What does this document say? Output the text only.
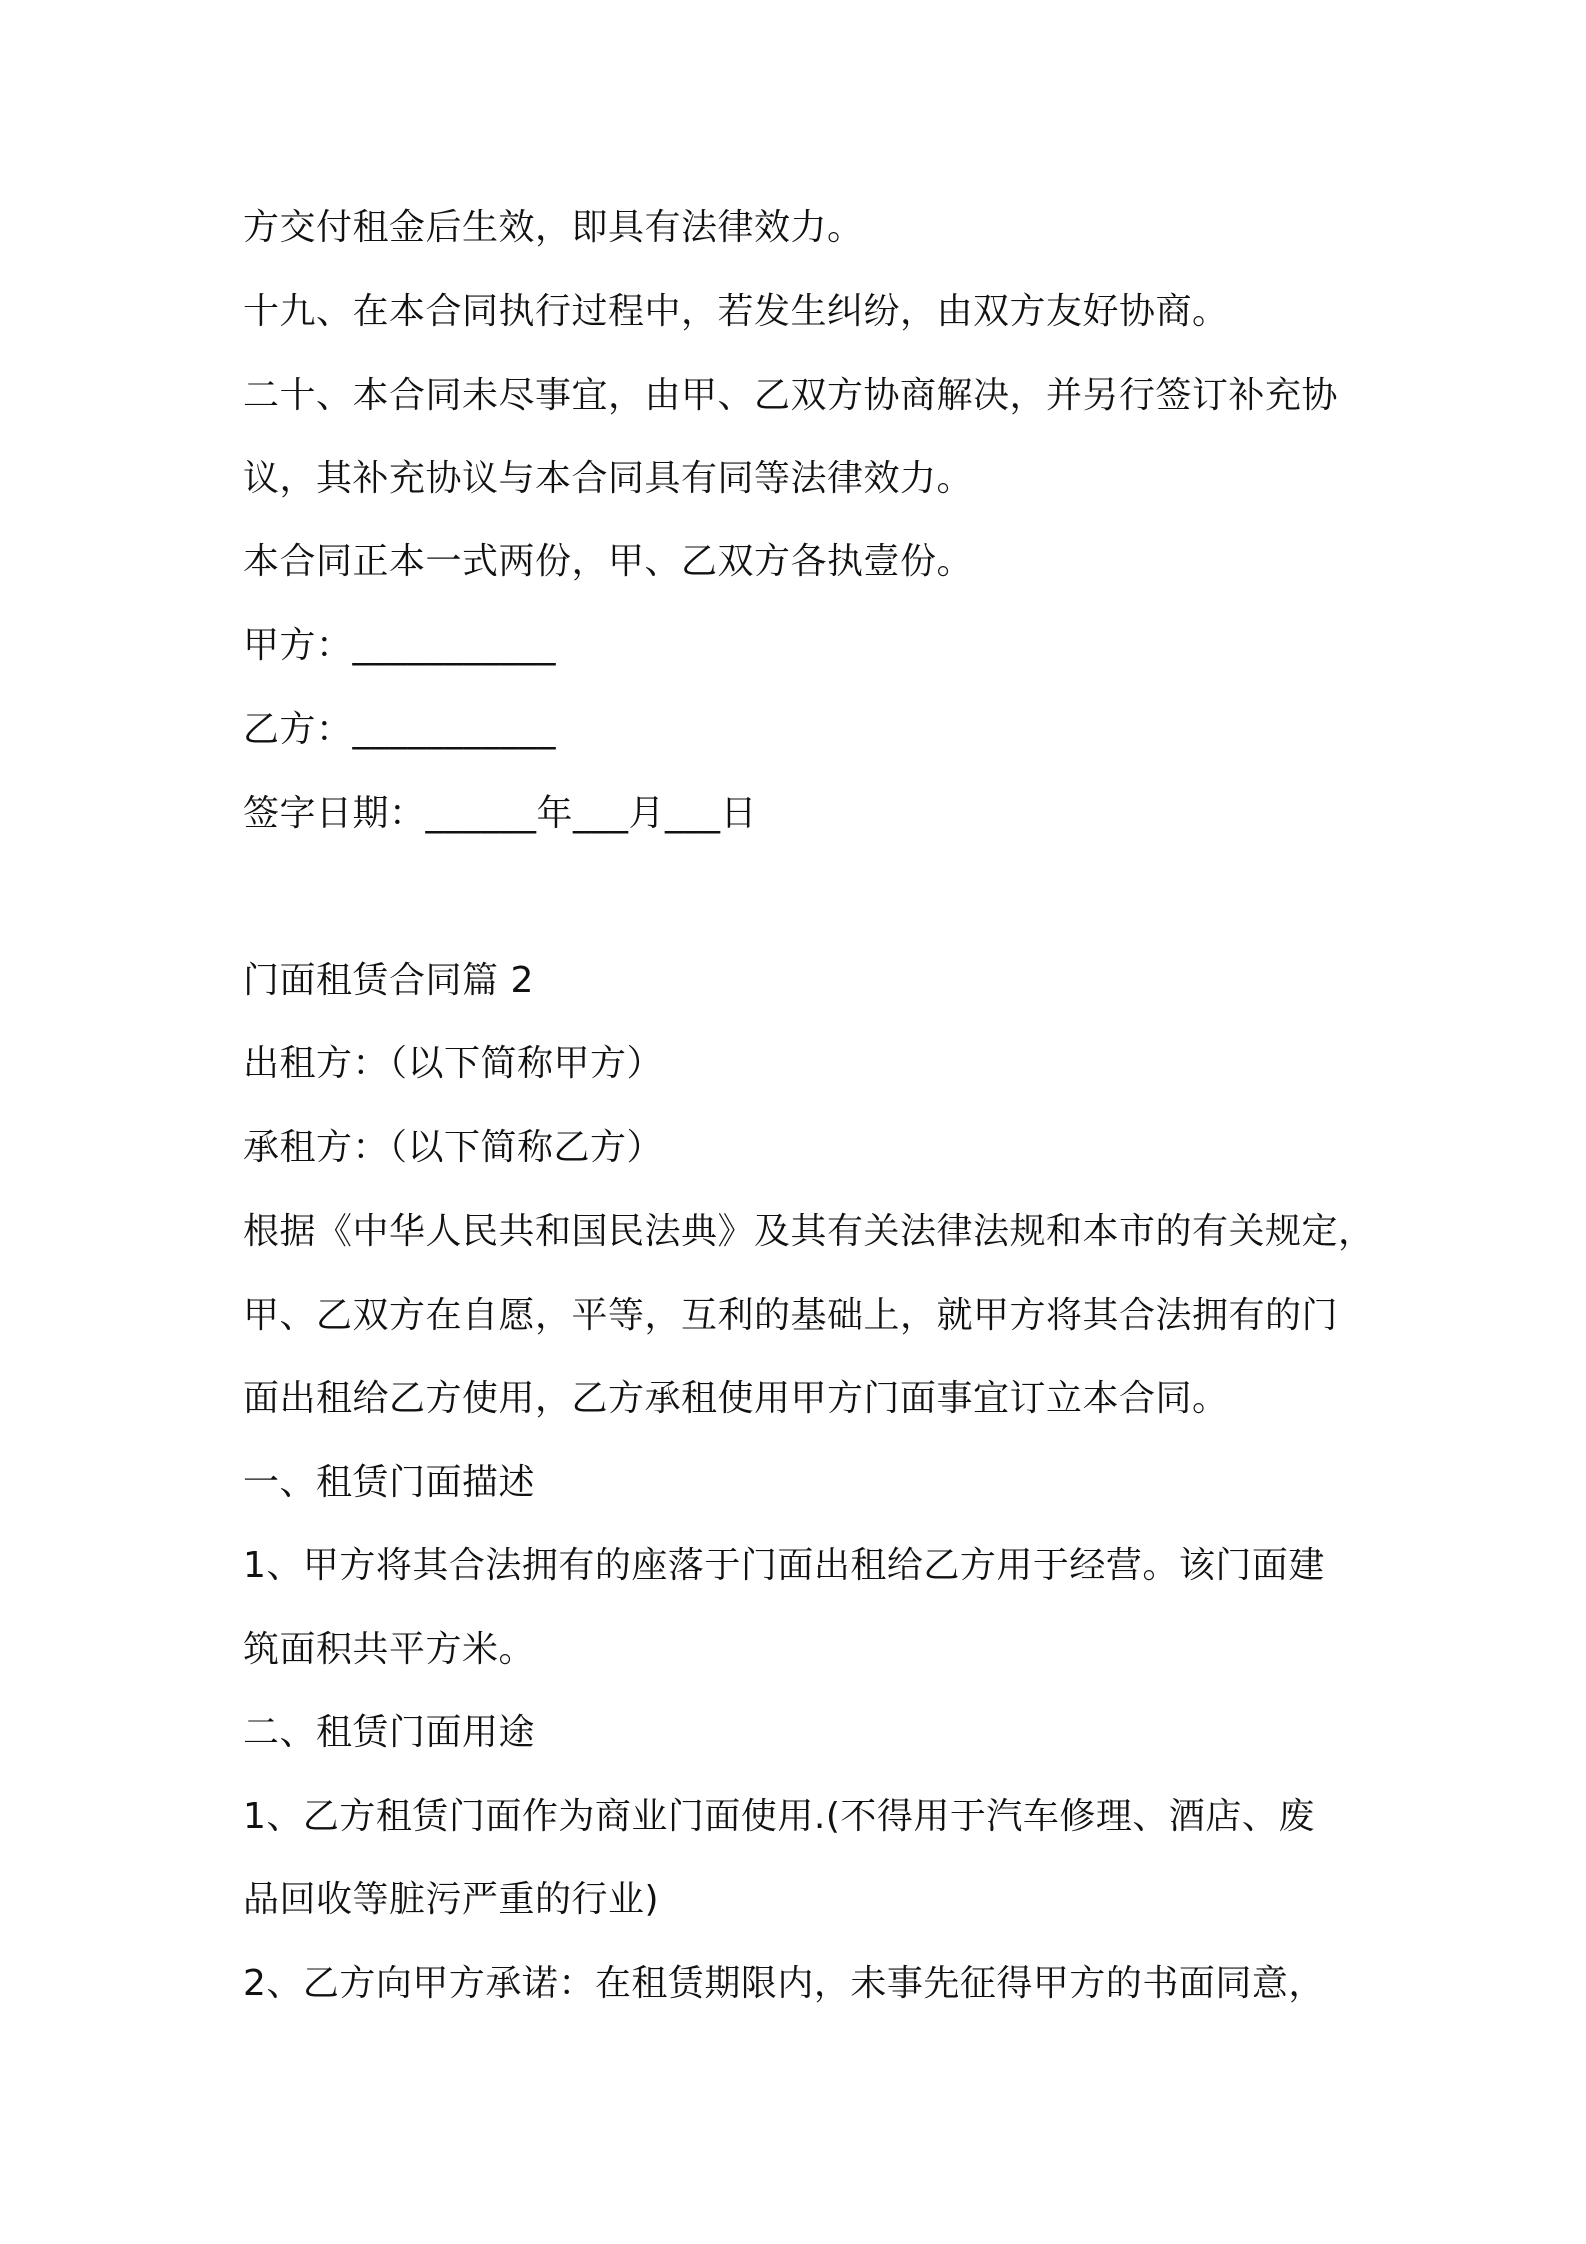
方交付租金后生效，即具有法律效力。
十九、在本合同执行过程中，若发生纠纷，由双方友好协商。
二十、本合同未尽事宜，由甲、乙双方协商解决，并另行签订补充协
议，其补充协议与本合同具有同等法律效力。
本合同正本一式两份，甲、乙双方各执壹份。
甲方：___________
乙方：___________
签字日期：______年___月___日
门面租赁合同篇 2
出租方：（以下简称甲方）
承租方：（以下简称乙方）
根据《中华人民共和国民法典》及其有关法律法规和本市的有关规定，
甲、乙双方在自愿，平等，互利的基础上，就甲方将其合法拥有的门
面出租给乙方使用，乙方承租使用甲方门面事宜订立本合同。
一、租赁门面描述
1、甲方将其合法拥有的座落于门面出租给乙方用于经营。该门面建
筑面积共平方米。
二、租赁门面用途
1、乙方租赁门面作为商业门面使用.(不得用于汽车修理、酒店、废
品回收等脏污严重的行业)
2、乙方向甲方承诺：在租赁期限内，未事先征得甲方的书面同意，
